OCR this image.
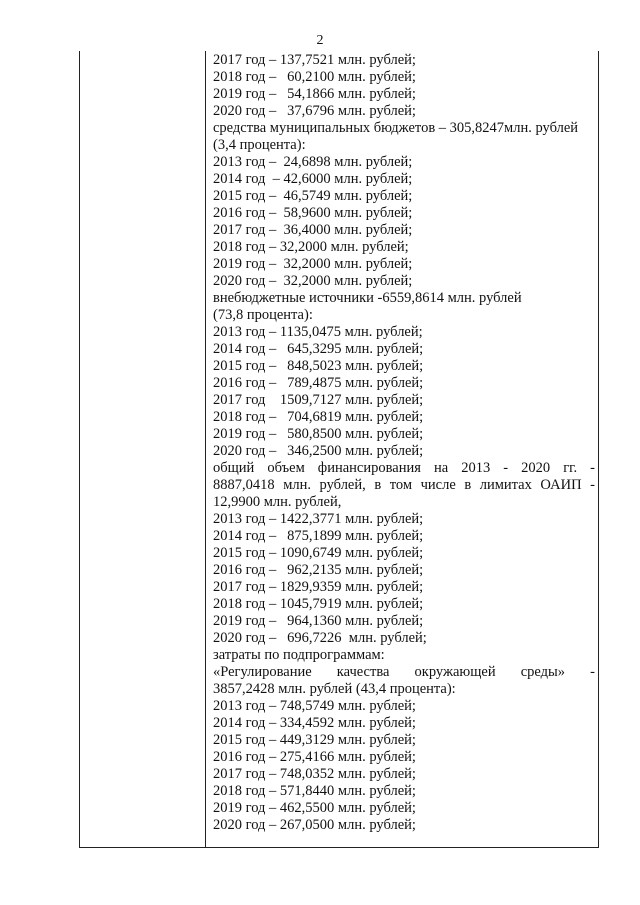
2
2017 год – 137,7521 млн. рублей;
2018 год –   60,2100 млн. рублей;
2019 год –   54,1866 млн. рублей;
2020 год –   37,6796 млн. рублей;
средства муниципальных бюджетов – 305,8247млн. рублей
(3,4 процента):
2013 год –  24,6898 млн. рублей;
2014 год  – 42,6000 млн. рублей;
2015 год –  46,5749 млн. рублей;
2016 год –  58,9600 млн. рублей;
2017 год –  36,4000 млн. рублей;
2018 год – 32,2000 млн. рублей;
2019 год –  32,2000 млн. рублей;
2020 год –  32,2000 млн. рублей;
внебюджетные источники -6559,8614 млн. рублей
(73,8 процента):
2013 год – 1135,0475 млн. рублей;
2014 год –   645,3295 млн. рублей;
2015 год –   848,5023 млн. рублей;
2016 год –   789,4875 млн. рублей;
2017 год    1509,7127 млн. рублей;
2018 год –   704,6819 млн. рублей;
2019 год –   580,8500 млн. рублей;
2020 год –   346,2500 млн. рублей;
общий объем финансирования на 2013 - 2020 гг. -
8887,0418 млн. рублей, в том числе в лимитах ОАИП -
12,9900 млн. рублей,
2013 год – 1422,3771 млн. рублей;
2014 год –   875,1899 млн. рублей;
2015 год – 1090,6749 млн. рублей;
2016 год –   962,2135 млн. рублей;
2017 год – 1829,9359 млн. рублей;
2018 год – 1045,7919 млн. рублей;
2019 год –   964,1360 млн. рублей;
2020 год –   696,7226  млн. рублей;
затраты по подпрограммам:
«Регулирование качества окружающей среды» -
3857,2428 млн. рублей (43,4 процента):
2013 год – 748,5749 млн. рублей;
2014 год – 334,4592 млн. рублей;
2015 год – 449,3129 млн. рублей;
2016 год – 275,4166 млн. рублей;
2017 год – 748,0352 млн. рублей;
2018 год – 571,8440 млн. рублей;
2019 год – 462,5500 млн. рублей;
2020 год – 267,0500 млн. рублей;
